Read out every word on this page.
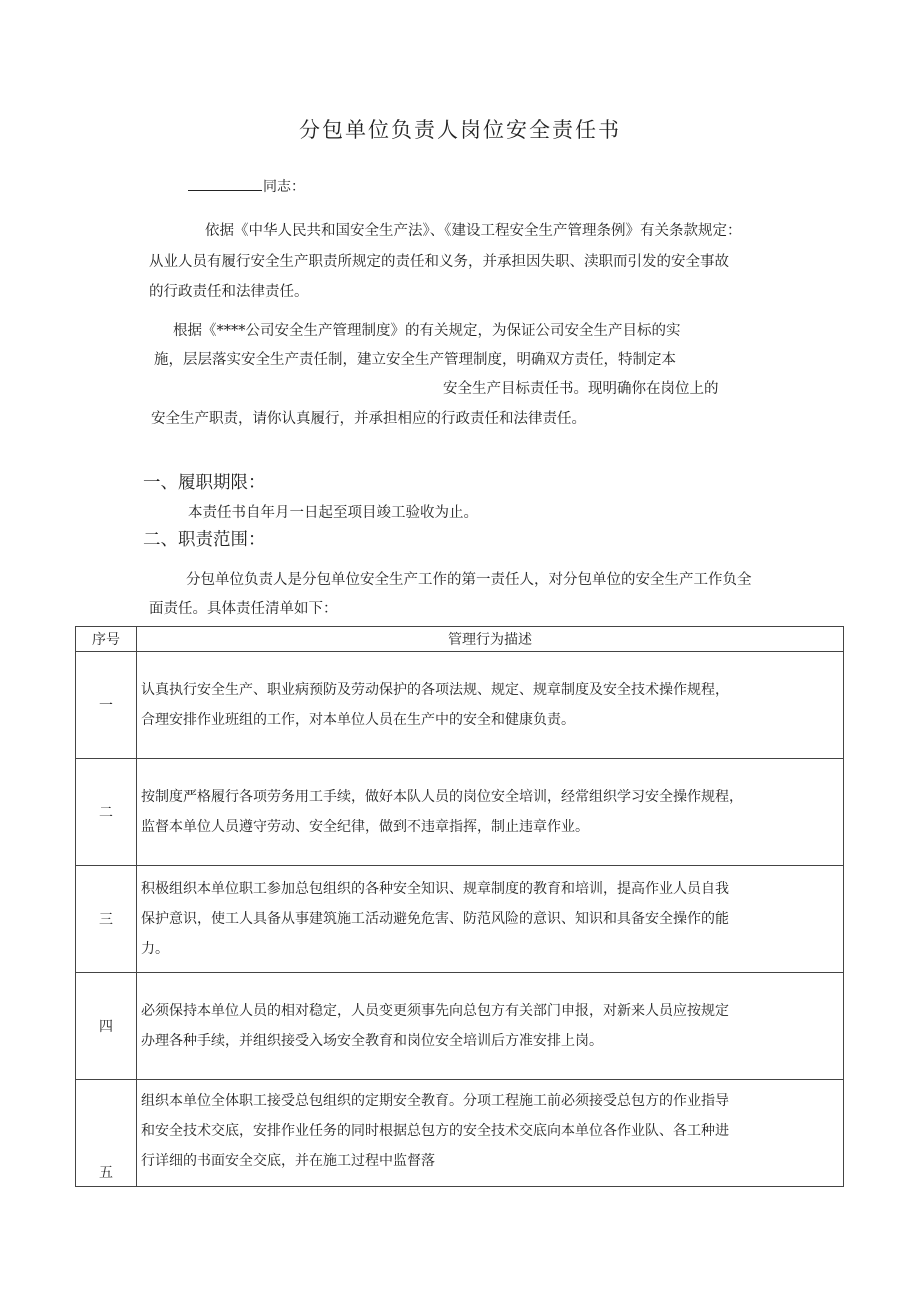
分包单位负责人岗位安全责任书
同志：
依据《中华人民共和国安全生产法》、《建设工程安全生产管理条例》有关条款规定：
从业人员有履行安全生产职责所规定的责任和义务，并承担因失职、渎职而引发的安全事故
的行政责任和法律责任。
根据《****公司安全生产管理制度》的有关规定，为保证公司安全生产目标的实
施，层层落实安全生产责任制，建立安全生产管理制度，明确双方责任，特制定本
安全生产目标责任书。现明确你在岗位上的
安全生产职责，请你认真履行，并承担相应的行政责任和法律责任。
一、履职期限：
本责任书自年月一日起至项目竣工验收为止。
二、职责范围：
分包单位负责人是分包单位安全生产工作的第一责任人，对分包单位的安全生产工作负全
面责任。具体责任清单如下：
序号	管理行为描述
一	认真执行安全生产、职业病预防及劳动保护的各项法规、规定、规章制度及安全技术操作规程，
合理安排作业班组的工作，对本单位人员在生产中的安全和健康负责。

二	按制度严格履行各项劳务用工手续，做好本队人员的岗位安全培训，经常组织学习安全操作规程，
监督本单位人员遵守劳动、安全纪律，做到不违章指挥，制止违章作业。

三	积极组织本单位职工参加总包组织的各种安全知识、规章制度的教育和培训，提高作业人员自我
保护意识，使工人具备从事建筑施工活动避免危害、防范风险的意识、知识和具备安全操作的能
力。

四	必须保持本单位人员的相对稳定，人员变更须事先向总包方有关部门申报，对新来人员应按规定
办理各种手续，并组织接受入场安全教育和岗位安全培训后方准安排上岗。

五	组织本单位全体职工接受总包组织的定期安全教育。分项工程施工前必须接受总包方的作业指导
和安全技术交底，安排作业任务的同时根据总包方的安全技术交底向本单位各作业队、各工种进
行详细的书面安全交底，并在施工过程中监督落
